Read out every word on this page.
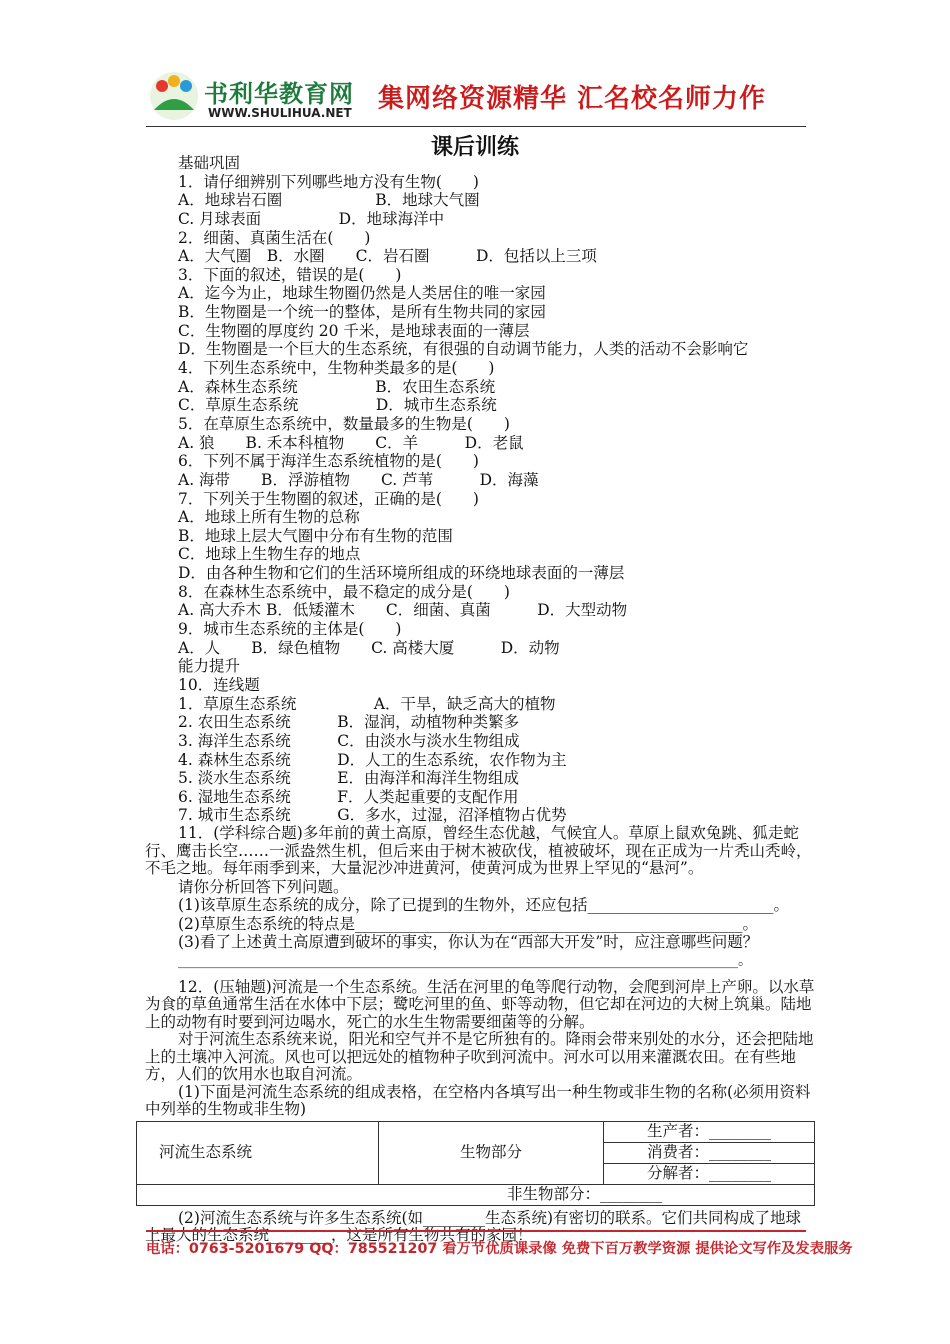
书利华教育网
WWW.SHULIHUA.NET 集网络资源精华 汇名校名师力作
课后训练
基础巩固
1．请仔细辨别下列哪些地方没有生物(　　)
A．地球岩石圈　　　　　　B．地球大气圈
C. 月球表面　　　　　D．地球海洋中
2．细菌、真菌生活在(　　)
A．大气圈　B．水圈　　C．岩石圈　　　D．包括以上三项
3．下面的叙述，错误的是(　　)
A．迄今为止，地球生物圈仍然是人类居住的唯一家园
B．生物圈是一个统一的整体，是所有生物共同的家园
C．生物圈的厚度约 20 千米，是地球表面的一薄层
D．生物圈是一个巨大的生态系统，有很强的自动调节能力，人类的活动不会影响它
4．下列生态系统中，生物种类最多的是(　　)
A．森林生态系统　　　　　B．农田生态系统
C．草原生态系统　　　　　D．城市生态系统
5．在草原生态系统中，数量最多的生物是(　　)
A. 狼　　B. 禾本科植物　　C．羊　　　D．老鼠
6．下列不属于海洋生态系统植物的是(　　)
A. 海带　　B．浮游植物　　C. 芦苇　　　D．海藻
7．下列关于生物圈的叙述，正确的是(　　)
A．地球上所有生物的总称
B．地球上层大气圈中分布有生物的范围
C．地球上生物生存的地点
D．由各种生物和它们的生活环境所组成的环绕地球表面的一薄层
8．在森林生态系统中，最不稳定的成分是(　　)
A. 高大乔木 B．低矮灌木　　C．细菌、真菌　　　D．大型动物
9．城市生态系统的主体是(　　)
A．人　　B．绿色植物　　C. 高楼大厦　　　D．动物
能力提升
10．连线题
1．草原生态系统　　　　　A．干旱，缺乏高大的植物
2. 农田生态系统　　　B．湿润，动植物种类繁多
3. 海洋生态系统　　　C．由淡水与淡水生物组成
4. 森林生态系统　　　D．人工的生态系统，农作物为主
5. 淡水生态系统　　　E．由海洋和海洋生物组成
6. 湿地生态系统　　　F．人类起重要的支配作用
7. 城市生态系统　　　G．多水，过湿，沼泽植物占优势
11．(学科综合题)多年前的黄土高原，曾经生态优越，气候宜人。草原上鼠欢兔跳、狐走蛇行、鹰击长空……一派盎然生机，但后来由于树木被砍伐，植被破坏，现在正成为一片秃山秃岭，不毛之地。每年雨季到来，大量泥沙冲进黄河，使黄河成为世界上罕见的“悬河”。
请你分析回答下列问题。
(1)该草原生态系统的成分，除了已提到的生物外，还应包括________________________。
(2)草原生态系统的特点是__________________________________________________。
(3)看了上述黄土高原遭到破坏的事实，你认为在“西部大开发”时，应注意哪些问题？
________________________________________________________________________________。
12．(压轴题)河流是一个生态系统。生活在河里的龟等爬行动物，会爬到河岸上产卵。以水草为食的草鱼通常生活在水体中下层；鹭吃河里的鱼、虾等动物，但它却在河边的大树上筑巢。陆地上的动物有时要到河边喝水，死亡的水生生物需要细菌等的分解。
对于河流生态系统来说，阳光和空气并不是它所独有的。降雨会带来别处的水分，还会把陆地上的土壤冲入河流。风也可以把远处的植物种子吹到河流中。河水可以用来灌溉农田。在有些地方，人们的饮用水也取自河流。
(1)下面是河流生态系统的组成表格，在空格内各填写出一种生物或非生物的名称(必须用资料中列举的生物或非生物)
河流生态系统	生物部分	生产者：________
消费者：________
分解者：________
非生物部分：________
(2)河流生态系统与许多生态系统(如________生态系统)有密切的联系。它们共同构成了地球上最大的生态系统________，这是所有生物共有的家园！
电话：0763-5201679 QQ：785521207 看万节优质课录像 免费下百万教学资源 提供论文写作及发表服务
